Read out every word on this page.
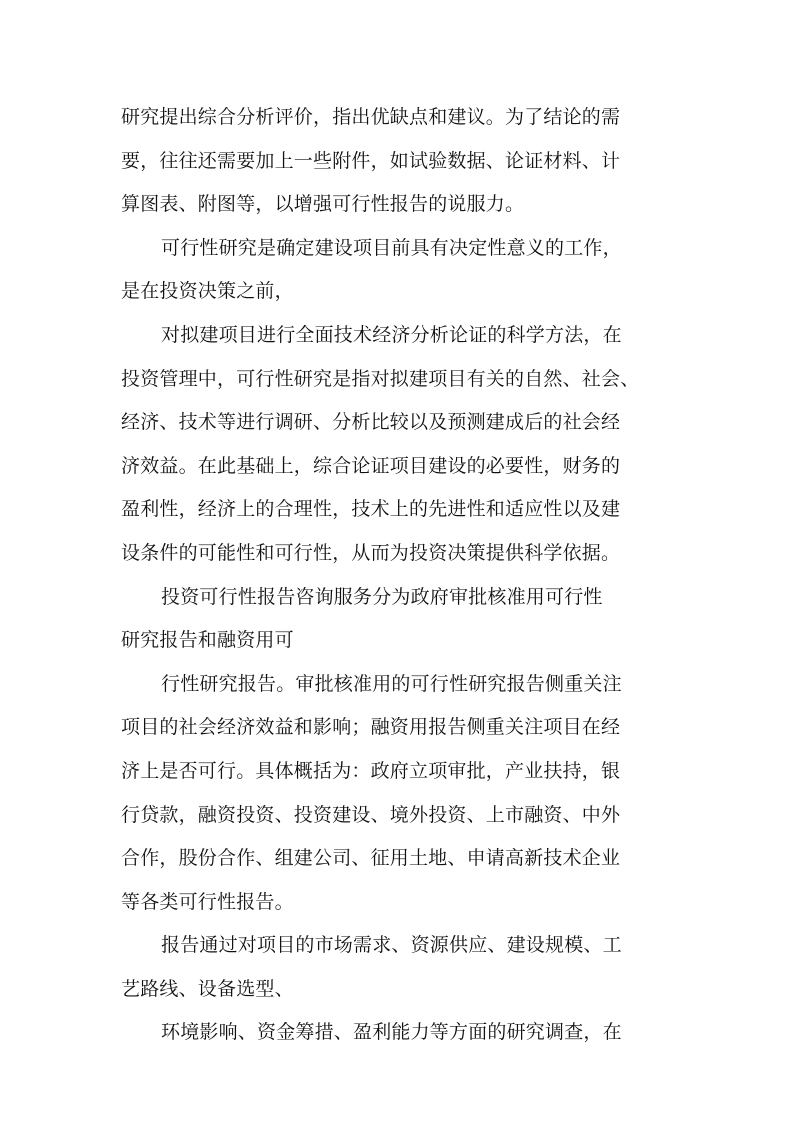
研究提出综合分析评价，指出优缺点和建议。为了结论的需
要，往往还需要加上一些附件，如试验数据、论证材料、计
算图表、附图等，以增强可行性报告的说服力。
可行性研究是确定建设项目前具有决定性意义的工作，
是在投资决策之前，
对拟建项目进行全面技术经济分析论证的科学方法，在
投资管理中，可行性研究是指对拟建项目有关的自然、社会、
经济、技术等进行调研、分析比较以及预测建成后的社会经
济效益。在此基础上，综合论证项目建设的必要性，财务的
盈利性，经济上的合理性，技术上的先进性和适应性以及建
设条件的可能性和可行性，从而为投资决策提供科学依据。
投资可行性报告咨询服务分为政府审批核准用可行性
研究报告和融资用可
行性研究报告。审批核准用的可行性研究报告侧重关注
项目的社会经济效益和影响；融资用报告侧重关注项目在经
济上是否可行。具体概括为：政府立项审批，产业扶持，银
行贷款，融资投资、投资建设、境外投资、上市融资、中外
合作，股份合作、组建公司、征用土地、申请高新技术企业
等各类可行性报告。
报告通过对项目的市场需求、资源供应、建设规模、工
艺路线、设备选型、
环境影响、资金筹措、盈利能力等方面的研究调查，在
